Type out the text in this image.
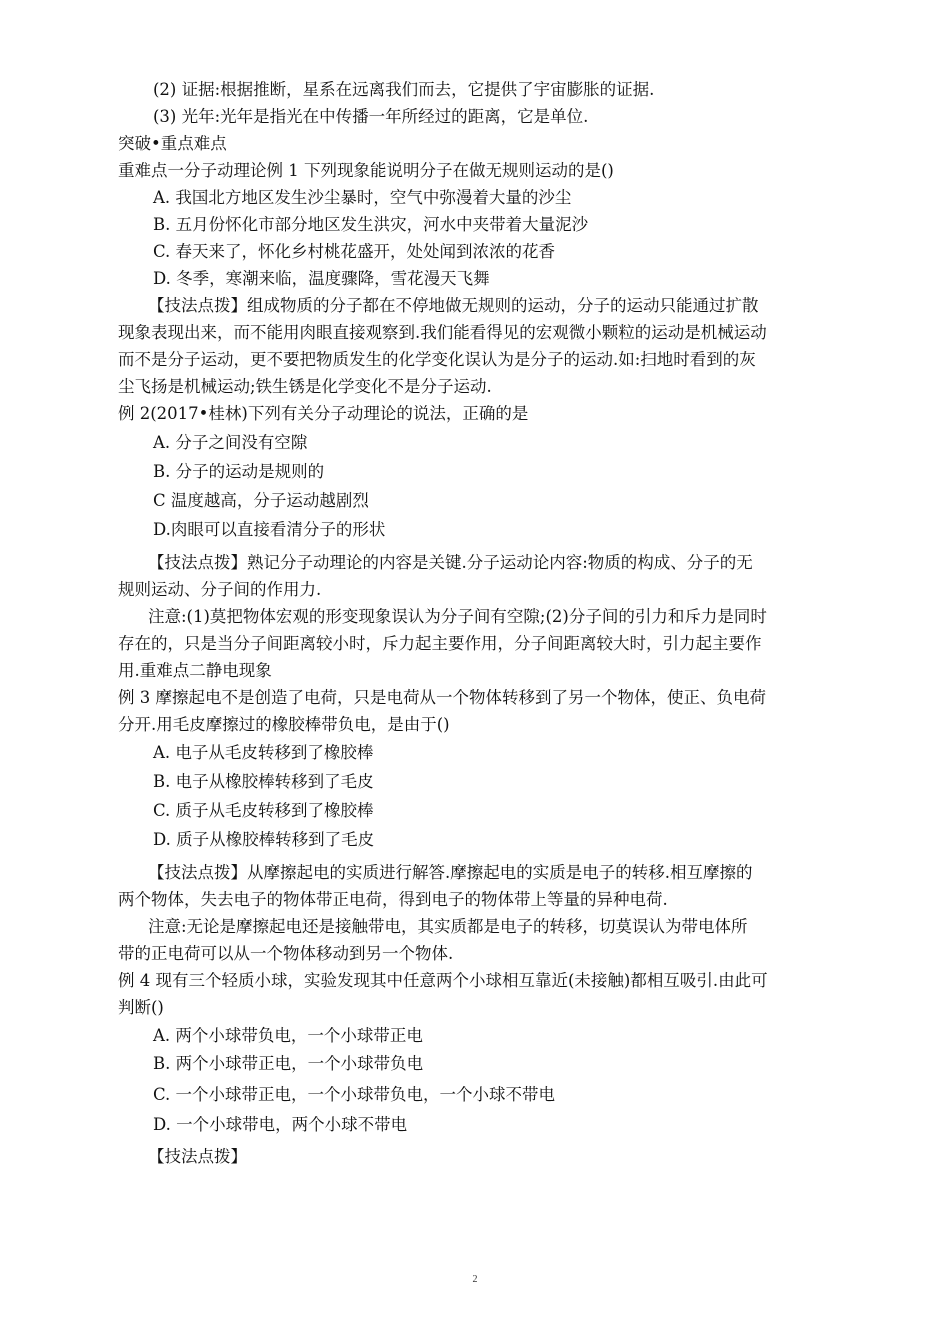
(2) 证据:根据推断，星系在远离我们而去，它提供了宇宙膨胀的证据.
(3) 光年:光年是指光在中传播一年所经过的距离，它是单位.
突破•重点难点
重难点一分子动理论例 1 下列现象能说明分子在做无规则运动的是()
A. 我国北方地区发生沙尘暴时，空气中弥漫着大量的沙尘
B. 五月份怀化市部分地区发生洪灾，河水中夹带着大量泥沙
C. 春天来了，怀化乡村桃花盛开，处处闻到浓浓的花香
D. 冬季，寒潮来临，温度骤降，雪花漫天飞舞
【技法点拨】组成物质的分子都在不停地做无规则的运动，分子的运动只能通过扩散
现象表现出来，而不能用肉眼直接观察到.我们能看得见的宏观微小颗粒的运动是机械运动
而不是分子运动，更不要把物质发生的化学变化误认为是分子的运动.如:扫地时看到的灰
尘飞扬是机械运动;铁生锈是化学变化不是分子运动.
例 2(2017•桂林)下列有关分子动理论的说法，正确的是
A. 分子之间没有空隙
B. 分子的运动是规则的
C 温度越高，分子运动越剧烈
D.肉眼可以直接看清分子的形状
【技法点拨】熟记分子动理论的内容是关键.分子运动论内容:物质的构成、分子的无
规则运动、分子间的作用力.
注意:(1)莫把物体宏观的形变现象误认为分子间有空隙;(2)分子间的引力和斥力是同时
存在的，只是当分子间距离较小时，斥力起主要作用，分子间距离较大时，引力起主要作
用.重难点二静电现象
例 3 摩擦起电不是创造了电荷，只是电荷从一个物体转移到了另一个物体，使正、负电荷
分开.用毛皮摩擦过的橡胶棒带负电，是由于()
A. 电子从毛皮转移到了橡胶棒
B. 电子从橡胶棒转移到了毛皮
C. 质子从毛皮转移到了橡胶棒
D. 质子从橡胶棒转移到了毛皮
【技法点拨】从摩擦起电的实质进行解答.摩擦起电的实质是电子的转移.相互摩擦的
两个物体，失去电子的物体带正电荷，得到电子的物体带上等量的异种电荷.
注意:无论是摩擦起电还是接触带电，其实质都是电子的转移，切莫误认为带电体所
带的正电荷可以从一个物体移动到另一个物体.
例 4 现有三个轻质小球，实验发现其中任意两个小球相互靠近(未接触)都相互吸引.由此可
判断()
A. 两个小球带负电，一个小球带正电
B. 两个小球带正电，一个小球带负电
C. 一个小球带正电，一个小球带负电，一个小球不带电
D. 一个小球带电，两个小球不带电
【技法点拨】
2
